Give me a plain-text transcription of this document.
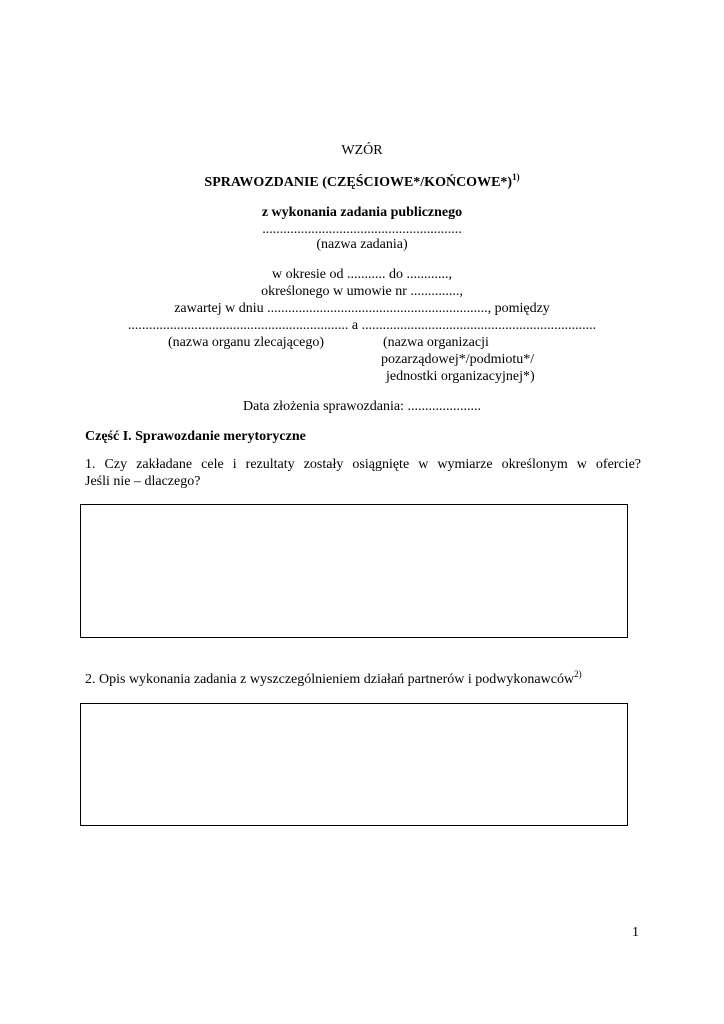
WZÓR
SPRAWOZDANIE (CZĘŚCIOWE*/KOŃCOWE*)$^{1)}$
z wykonania zadania publicznego
.........................................................
(nazwa zadania)
w okresie od ........... do ............,
określonego w umowie nr ..............,
zawartej w dniu ..............................................................., pomiędzy
............................................................... a ...................................................................
(nazwa organu zlecającego)	(nazwa organizacji
pozarządowej*/podmiotu*/
jednostki organizacyjnej*)
Data złożenia sprawozdania: .....................
Część I. Sprawozdanie merytoryczne
1. Czy zakładane cele i rezultaty zostały osiągnięte w wymiarze określonym w ofercie?
Jeśli nie – dlaczego?
2. Opis wykonania zadania z wyszczególnieniem działań partnerów i podwykonawców$^{2)}$
1
